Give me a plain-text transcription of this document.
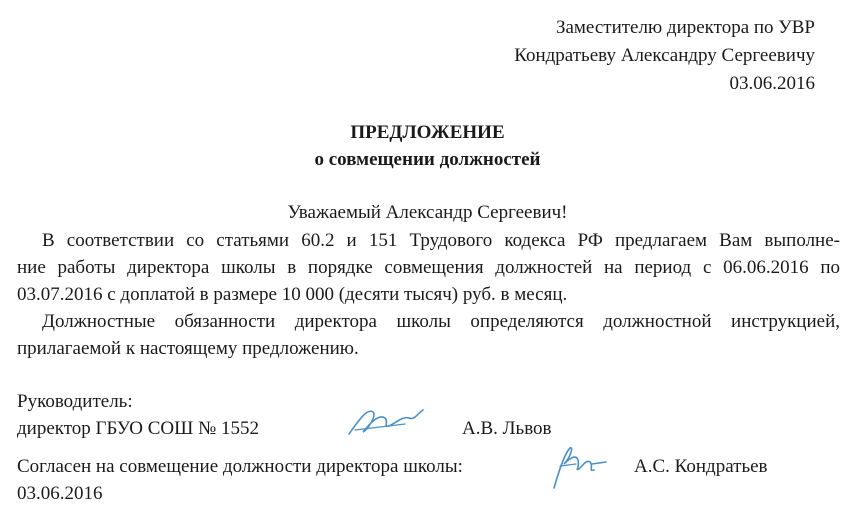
Заместителю директора по УВР
Кондратьеву Александру Сергеевичу
03.06.2016
ПРЕДЛОЖЕНИЕ
о совмещении должностей
Уважаемый Александр Сергеевич!
В соответствии со статьями 60.2 и 151 Трудового кодекса РФ предлагаем Вам выполне-
ние работы директора школы в порядке совмещения должностей на период с 06.06.2016 по
03.07.2016 с доплатой в размере 10 000 (десяти тысяч) руб. в месяц.
Должностные обязанности директора школы определяются должностной инструкцией,
прилагаемой к настоящему предложению.
Руководитель:
директор ГБУО СОШ № 1552	А.В. Львов
Согласен на совмещение должности директора школы:	А.С. Кондратьев
03.06.2016
